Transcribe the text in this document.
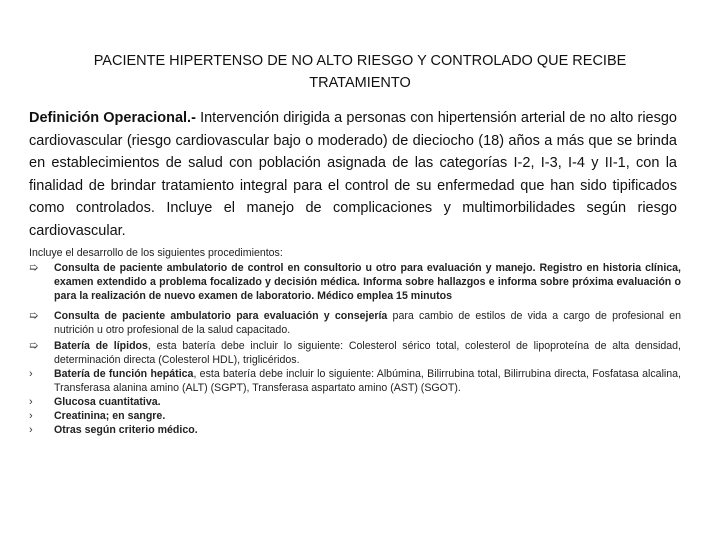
PACIENTE HIPERTENSO DE NO ALTO RIESGO Y CONTROLADO QUE RECIBE
TRATAMIENTO
Definición Operacional.- Intervención dirigida a personas con hipertensión arterial de no alto riesgo cardiovascular (riesgo cardiovascular bajo o moderado) de dieciocho (18) años a más que se brinda en establecimientos de salud con población asignada de las categorías I-2, I-3, I-4 y II-1, con la finalidad de brindar tratamiento integral para el control de su enfermedad que han sido tipificados como controlados. Incluye el manejo de complicaciones y multimorbilidades según riesgo cardiovascular.
Incluye el desarrollo de los siguientes procedimientos:
➯	Consulta de paciente ambulatorio de control en consultorio u otro para evaluación y manejo. Registro en historia clínica, examen extendido a problema focalizado y decisión médica. Informa sobre hallazgos e informa sobre próxima evaluación o para la realización de nuevo examen de laboratorio. Médico emplea 15 minutos
➯	Consulta de paciente ambulatorio para evaluación y consejería para cambio de estilos de vida a cargo de profesional en nutrición u otro profesional de la salud capacitado.
➯	Batería de lípidos, esta batería debe incluir lo siguiente: Colesterol sérico total, colesterol de lipoproteína de alta densidad, determinación directa (Colesterol HDL), triglicéridos.
›	Batería de función hepática, esta batería debe incluir lo siguiente: Albúmina, Bilirrubina total, Bilirrubina directa, Fosfatasa alcalina, Transferasa alanina amino (ALT) (SGPT), Transferasa aspartato amino (AST) (SGOT).
›	Glucosa cuantitativa.
›	Creatinina; en sangre.
›	Otras según criterio médico.
